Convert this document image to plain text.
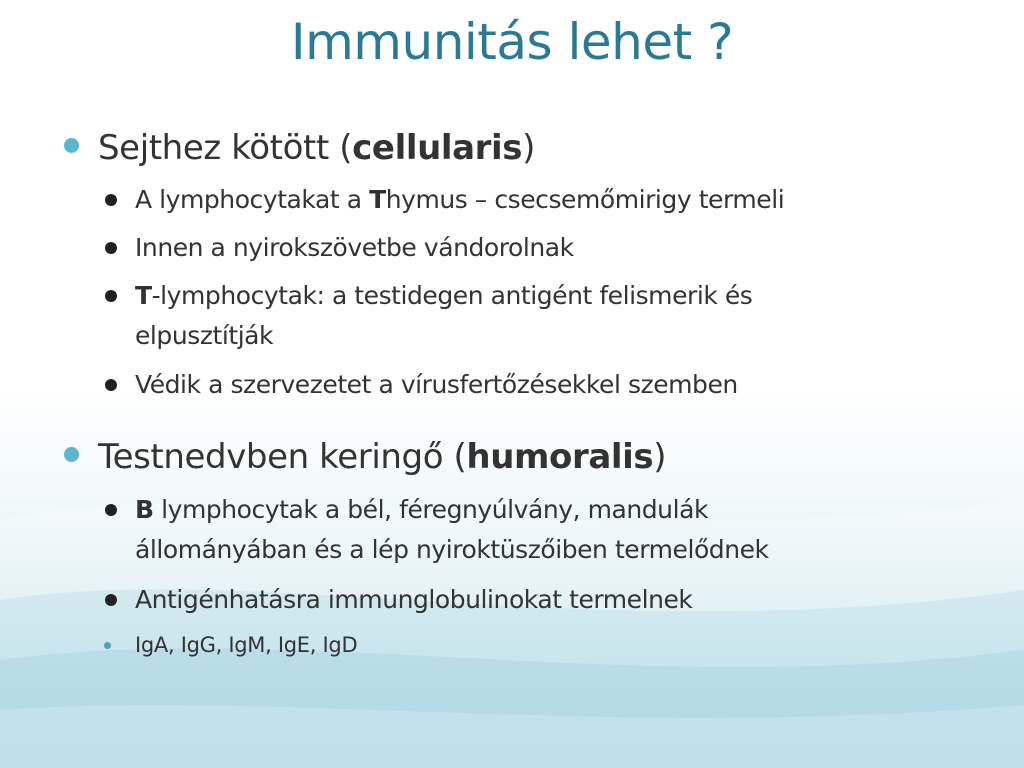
Immunitás lehet ?
Sejthez kötött (cellularis)
A lymphocytakat a Thymus – csecsemőmirigy termeli
Innen a nyirokszövetbe vándorolnak
T-lymphocytak: a testidegen antigént felismerik és
elpusztítják
Védik a szervezetet a vírusfertőzésekkel szemben
Testnedvben keringő (humoralis)
B lymphocytak a bél, féregnyúlvány, mandulák
állományában és a lép nyiroktüszőiben termelődnek
Antigénhatásra immunglobulinokat termelnek
IgA, IgG, IgM, IgE, IgD
